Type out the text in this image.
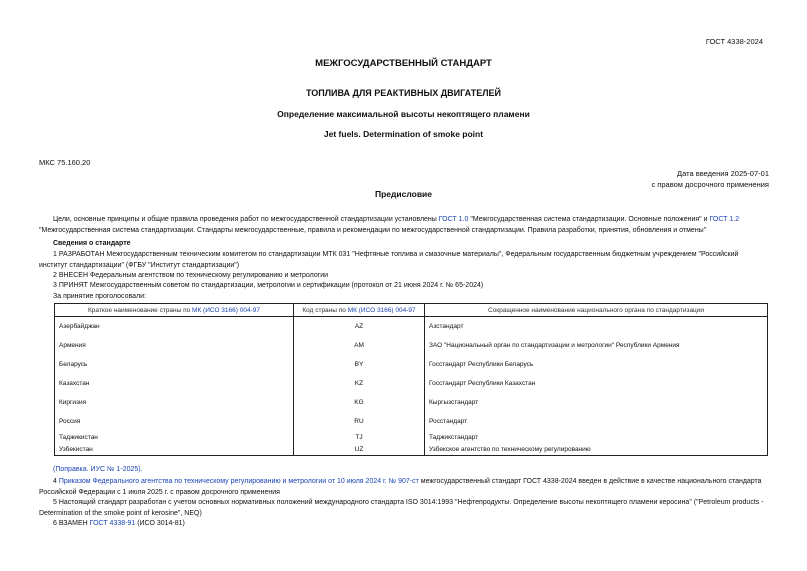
ГОСТ 4338-2024
МЕЖГОСУДАРСТВЕННЫЙ СТАНДАРТ
ТОПЛИВА ДЛЯ РЕАКТИВНЫХ ДВИГАТЕЛЕЙ
Определение максимальной высоты некоптящего пламени
Jet fuels. Determination of smoke point
МКС 75.160.20
Дата введения 2025-07-01
с правом досрочного применения
Предисловие
Цели, основные принципы и общие правила проведения работ по межгосударственной стандартизации установлены ГОСТ 1.0 "Межгосударственная система стандартизации. Основные положения" и ГОСТ 1.2 "Межгосударственная система стандартизации. Стандарты межгосударственные, правила и рекомендации по межгосударственной стандартизации. Правила разработки, принятия, обновления и отмены"
Сведения о стандарте
1 РАЗРАБОТАН Межгосударственным техническим комитетом по стандартизации МТК 031 "Нефтяные топлива и смазочные материалы", Федеральным государственным бюджетным учреждением "Российский институт стандартизации" (ФГБУ "Институт стандартизации")
2 ВНЕСЕН Федеральным агентством по техническому регулированию и метрологии
3 ПРИНЯТ Межгосударственным советом по стандартизации, метрологии и сертификации (протокол от 21 июня 2024 г. № 65-2024)
За принятие проголосовали:
Краткое наименование страны по МК (ИСО 3166) 004-97	Код страны по МК (ИСО 3166) 004-97	Сокращенное наименование национального органа по стандартизации
Азербайджан	AZ	Азстандарт
Армения	AM	ЗАО "Национальный орган по стандартизации и метрологии" Республики Армения
Беларусь	BY	Госстандарт Республики Беларусь
Казахстан	KZ	Госстандарт Республики Казахстан
Киргизия	KG	Кыргызстандарт
Россия	RU	Росстандарт
Таджикистан	TJ	Таджикстандарт
Узбекистан	UZ	Узбекское агентство по техническому регулированию
(Поправка. ИУС № 1-2025).
4 Приказом Федерального агентства по техническому регулированию и метрологии от 10 июля 2024 г. № 907-ст межгосударственный стандарт ГОСТ 4338-2024 введен в действие в качестве национального стандарта Российской Федерации с 1 июля 2025 г. с правом досрочного применения
5 Настоящий стандарт разработан с учетом основных нормативных положений международного стандарта ISO 3014:1993 "Нефтепродукты. Определение высоты некоптящего пламени керосина" ("Petroleum products - Determination of the smoke point of kerosine", NEQ)
6 ВЗАМЕН ГОСТ 4338-91 (ИСО 3014-81)
